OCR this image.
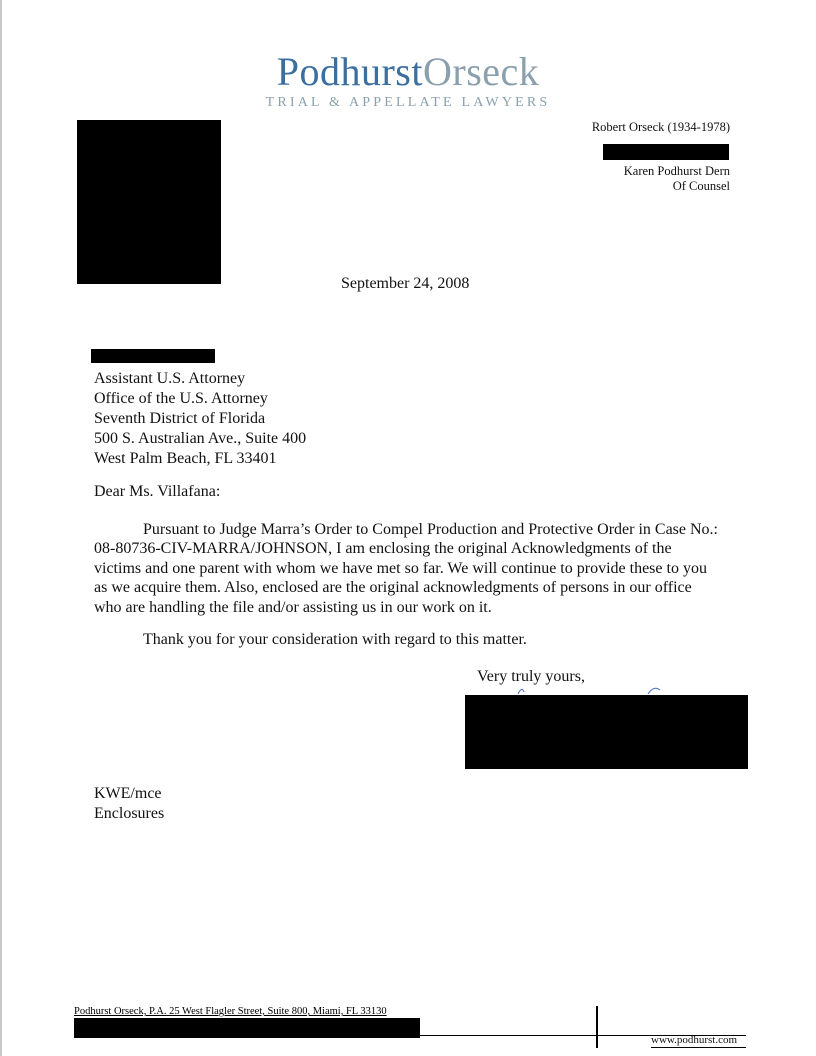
PodhurstOrseck
TRIAL & APPELLATE LAWYERS
Robert Orseck (1934-1978)
Karen Podhurst Dern
Of Counsel
September 24, 2008
Assistant U.S. Attorney
Office of the U.S. Attorney
Seventh District of Florida
500 S. Australian Ave., Suite 400
West Palm Beach, FL 33401
Dear Ms. Villafana:

Pursuant to Judge Marra’s Order to Compel Production and Protective Order in Case No.: 08-80736-CIV-MARRA/JOHNSON, I am enclosing the original Acknowledgments of the victims and one parent with whom we have met so far. We will continue to provide these to you as we acquire them. Also, enclosed are the original acknowledgments of persons in our office who are handling the file and/or assisting us in our work on it.

Thank you for your consideration with regard to this matter.
Very truly yours,
KWE/mce
Enclosures
Podhurst Orseck, P.A. 25 West Flagler Street, Suite 800, Miami, FL 33130
www.podhurst.com
